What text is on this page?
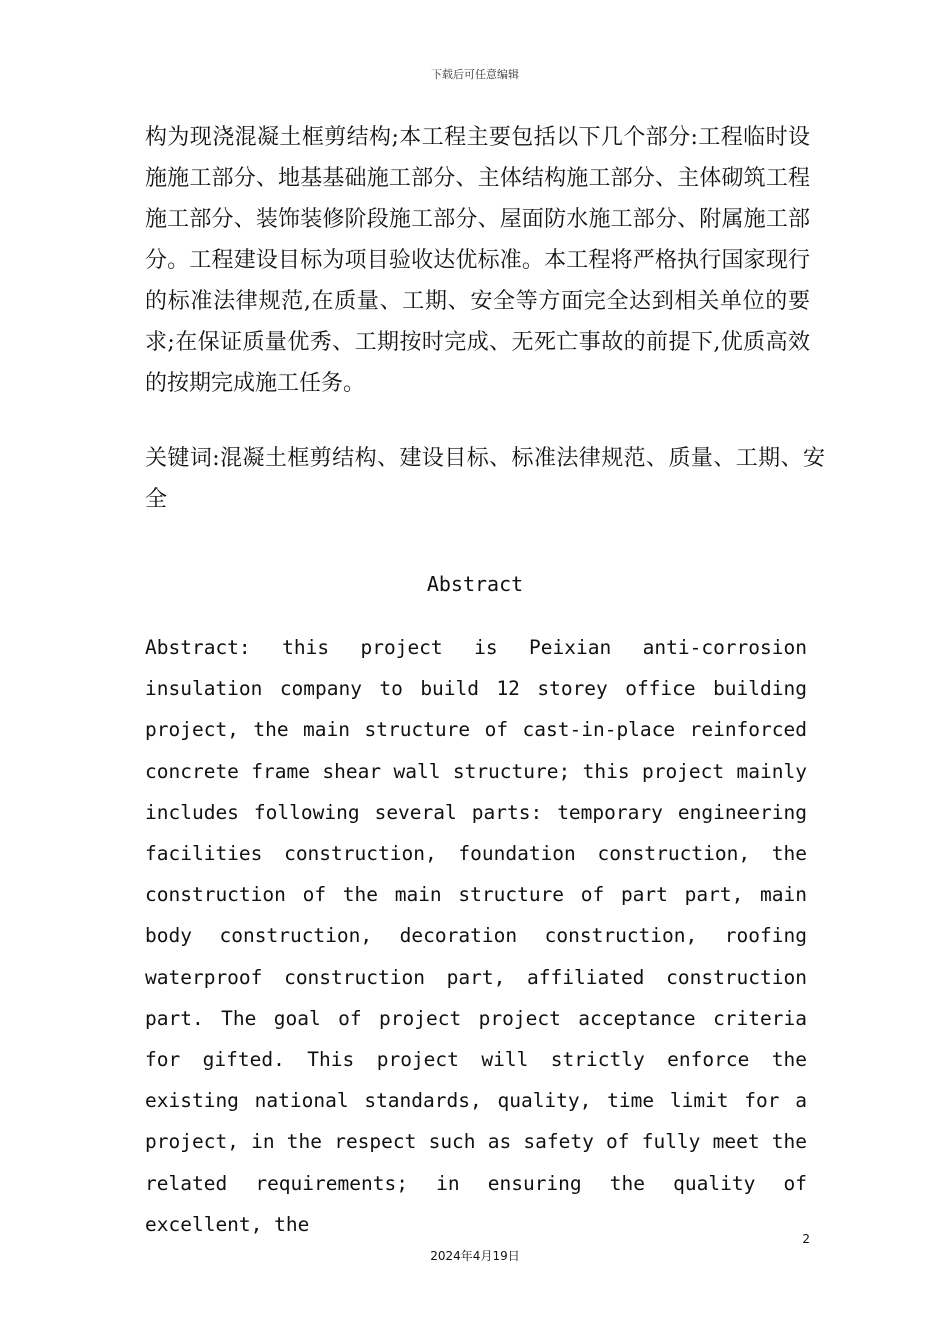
下载后可任意编辑

构为现浇混凝土框剪结构;本工程主要包括以下几个部分:工程临时设施施工部分、地基基础施工部分、主体结构施工部分、主体砌筑工程施工部分、装饰装修阶段施工部分、屋面防水施工部分、附属施工部分。工程建设目标为项目验收达优标准。本工程将严格执行国家现行的标准法律规范,在质量、工期、安全等方面完全达到相关单位的要求;在保证质量优秀、工期按时完成、无死亡事故的前提下,优质高效的按期完成施工任务。

关键词:混凝土框剪结构、建设目标、标准法律规范、质量、工期、安全

Abstract

Abstract: this project is Peixian anti-corrosion insulation company to build 12 storey office building project, the main structure of cast-in-place reinforced concrete frame shear wall structure; this project mainly includes following several parts: temporary engineering facilities construction, foundation construction, the construction of the main structure of part part, main body construction, decoration construction, roofing waterproof construction part, affiliated construction part. The goal of project project acceptance criteria for gifted. This project will strictly enforce the existing national standards, quality, time limit for a project, in the respect such as safety of fully meet the related requirements; in ensuring the quality of excellent, the

2
2024年4月19日
